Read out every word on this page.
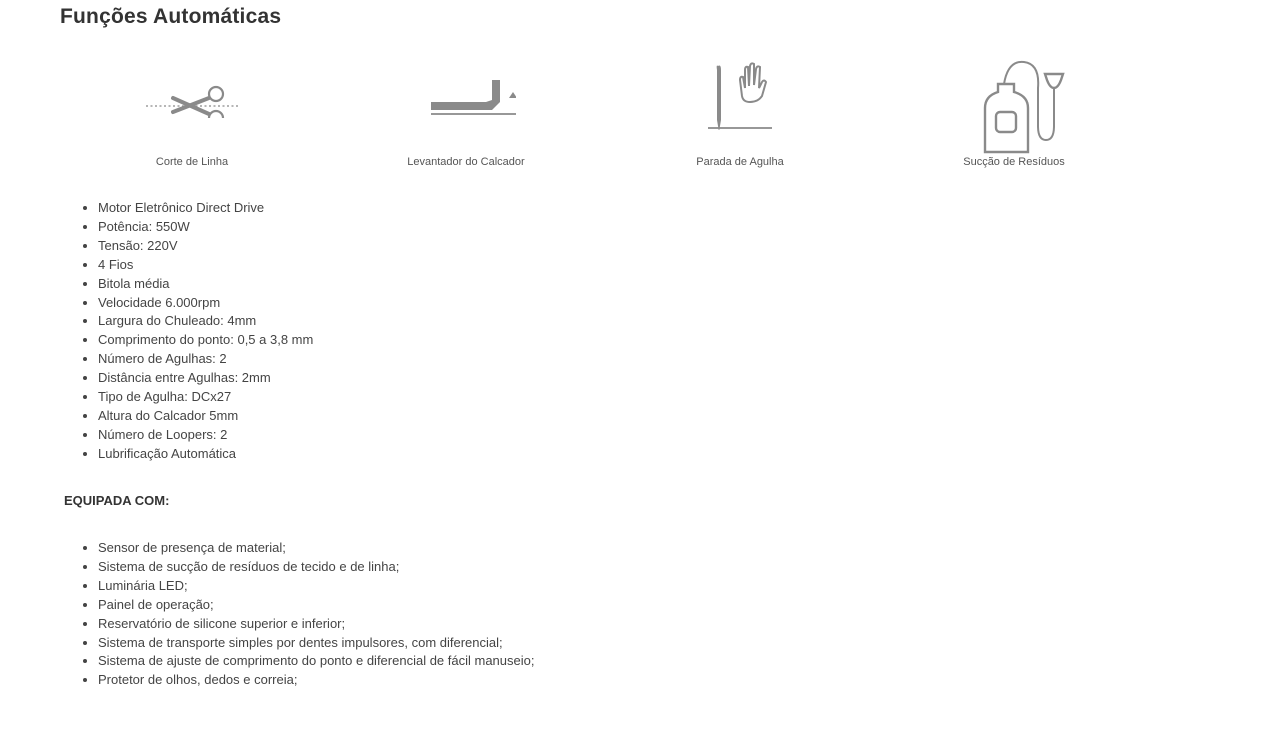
Funções Automáticas
Corte de Linha	Levantador do Calcador	Parada de Agulha	Sucção de Resíduos
• Motor Eletrônico Direct Drive
• Potência: 550W
• Tensão: 220V
• 4 Fios
• Bitola média
• Velocidade 6.000rpm
• Largura do Chuleado: 4mm
• Comprimento do ponto: 0,5 a 3,8 mm
• Número de Agulhas: 2
• Distância entre Agulhas: 2mm
• Tipo de Agulha: DCx27
• Altura do Calcador 5mm
• Número de Loopers: 2
• Lubrificação Automática
EQUIPADA COM:
• Sensor de presença de material;
• Sistema de sucção de resíduos de tecido e de linha;
• Luminária LED;
• Painel de operação;
• Reservatório de silicone superior e inferior;
• Sistema de transporte simples por dentes impulsores, com diferencial;
• Sistema de ajuste de comprimento do ponto e diferencial de fácil manuseio;
• Protetor de olhos, dedos e correia;
